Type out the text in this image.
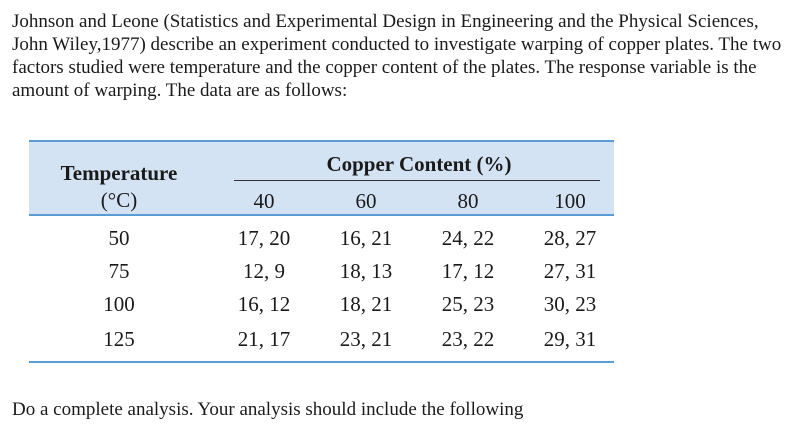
Johnson and Leone (Statistics and Experimental Design in Engineering and the Physical Sciences, John Wiley,1977) describe an experiment conducted to investigate warping of copper plates. The two factors studied were temperature and the copper content of the plates. The response variable is the amount of warping. The data are as follows:

Temperature
(°C)
Copper Content (%)
40	60	80	100
50	17, 20	16, 21	24, 22	28, 27
75	12, 9	18, 13	17, 12	27, 31
100	16, 12	18, 21	25, 23	30, 23
125	21, 17	23, 21	23, 22	29, 31

Do a complete analysis. Your analysis should include the following
